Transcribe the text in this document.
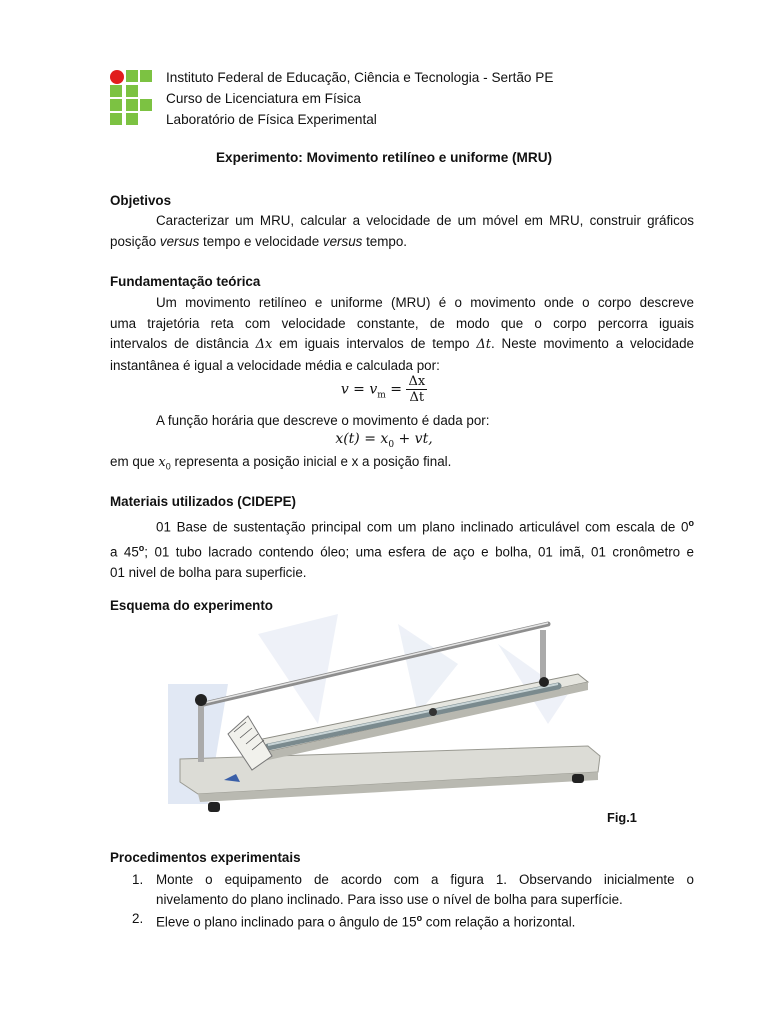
Instituto Federal de Educação, Ciência e Tecnologia - Sertão PE
Curso de Licenciatura em Física
Laboratório de Física Experimental
Experimento: Movimento retilíneo e uniforme (MRU)
Objetivos
Caracterizar um MRU, calcular a velocidade de um móvel em MRU, construir gráficos
posição versus tempo e velocidade versus tempo.
Fundamentação teórica
Um movimento retilíneo e uniforme (MRU) é o movimento onde o corpo descreve
uma trajetória reta com velocidade constante, de modo que o corpo percorra iguais
intervalos de distância Δx em iguais intervalos de tempo Δt. Neste movimento a velocidade
instantânea é igual a velocidade média e calculada por:
$v = v_m = \frac{\Delta x}{\Delta t}$
A função horária que descreve o movimento é dada por:
$x(t) = x_0$ + vt,
em que $x_0$ representa a posição inicial e x a posição final.
Materiais utilizados (CIDEPE)
01 Base de sustentação principal com um plano inclinado articulável com escala de 0$^o$
a 45$^o$; 01 tubo lacrado contendo óleo; uma esfera de aço e bolha, 01 imã, 01 cronômetro e
01 nivel de bolha para superficie.
Esquema do experimento
Fig.1
Procedimentos experimentais
1. Monte o equipamento de acordo com a figura 1. Observando inicialmente o
nivelamento do plano inclinado. Para isso use o nível de bolha para superfície.
2. Eleve o plano inclinado para o ângulo de 15$^o$ com relação a horizontal.
